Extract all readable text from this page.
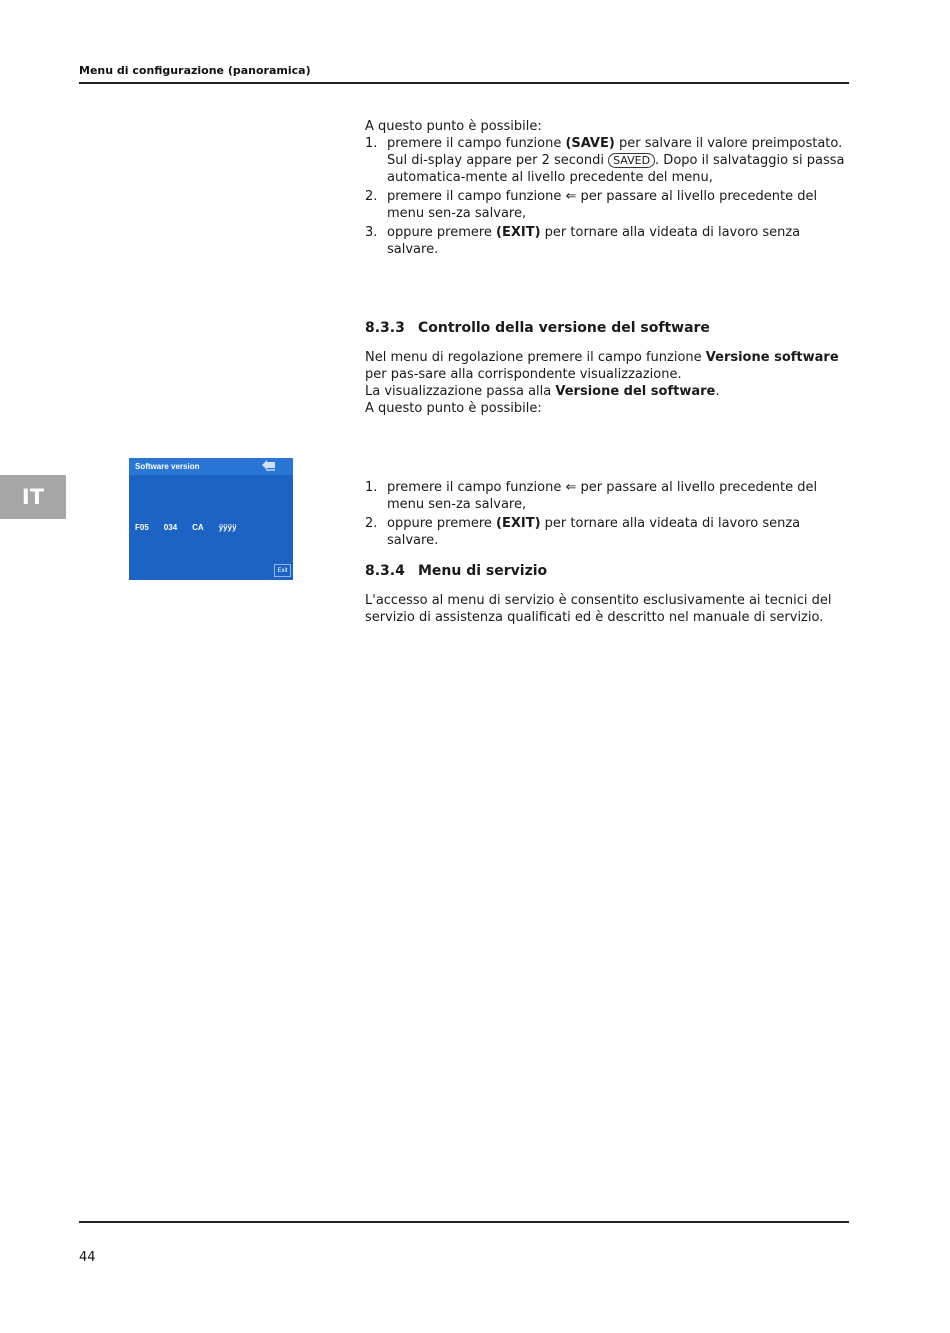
Menu di configurazione (panoramica)
IT

A questo punto è possibile:

1. premere il campo funzione (SAVE) per salvare il valore preimpostato. Sul di-splay appare per 2 secondi SAVED . Dopo il salvataggio si passa automatica-mente al livello precedente del menu,
2. premere il campo funzione ⇐ per passare al livello precedente del menu sen-za salvare,
3. oppure premere (EXIT) per tornare alla videata di lavoro senza salvare.
8.3.3 Controllo della versione del software

Nel menu di regolazione premere il campo funzione Versione software per pas-sare alla corrispondente visualizzazione.

La visualizzazione passa alla Versione del software.

A questo punto è possibile:

1. premere il campo funzione ⇐ per passare al livello precedente del menu sen-za salvare,
2. oppure premere (EXIT) per tornare alla videata di lavoro senza salvare.
8.3.4 Menu di servizio

L'accesso al menu di servizio è consentito esclusivamente ai tecnici del servizio di assistenza qualificati ed è descritto nel manuale di servizio.

Software version
F05 034 CA ÿÿÿÿ
Exit
44
